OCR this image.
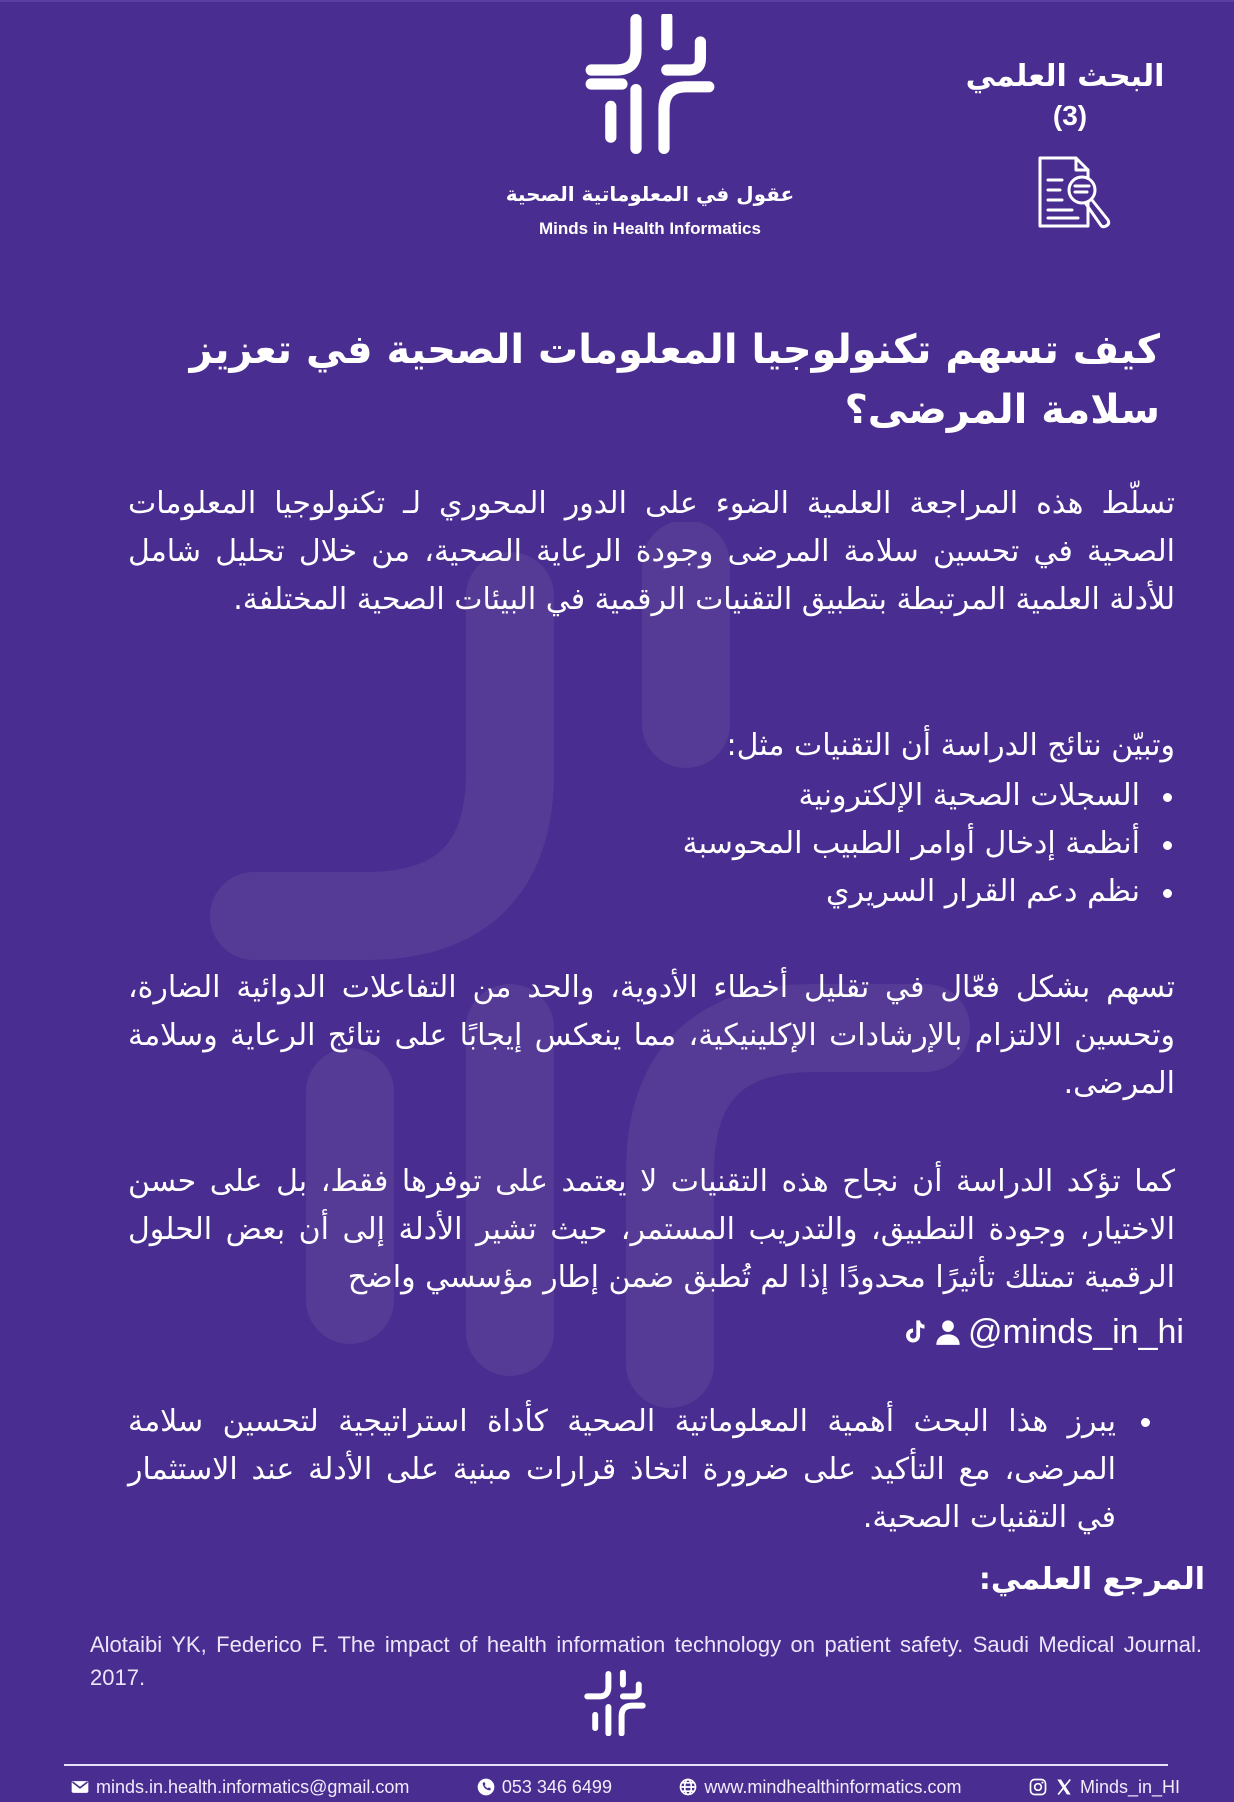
عقول في المعلوماتية الصحية
Minds in Health Informatics
البحث العلمي
(3)
كيف تسهم تكنولوجيا المعلومات الصحية في تعزيز سلامة المرضى؟
تسلّط هذه المراجعة العلمية الضوء على الدور المحوري لـ تكنولوجيا المعلومات الصحية في تحسين سلامة المرضى وجودة الرعاية الصحية، من خلال تحليل شامل للأدلة العلمية المرتبطة بتطبيق التقنيات الرقمية في البيئات الصحية المختلفة.
وتبيّن نتائج الدراسة أن التقنيات مثل:
السجلات الصحية الإلكترونية
أنظمة إدخال أوامر الطبيب المحوسبة
نظم دعم القرار السريري
تسهم بشكل فعّال في تقليل أخطاء الأدوية، والحد من التفاعلات الدوائية الضارة، وتحسين الالتزام بالإرشادات الإكلينيكية، مما ينعكس إيجابًا على نتائج الرعاية وسلامة المرضى.
كما تؤكد الدراسة أن نجاح هذه التقنيات لا يعتمد على توفرها فقط، بل على حسن الاختيار، وجودة التطبيق، والتدريب المستمر، حيث تشير الأدلة إلى أن بعض الحلول الرقمية تمتلك تأثيرًا محدودًا إذا لم تُطبق ضمن إطار مؤسسي واضح
@minds_in_hi
يبرز هذا البحث أهمية المعلوماتية الصحية كأداة استراتيجية لتحسين سلامة المرضى، مع التأكيد على ضرورة اتخاذ قرارات مبنية على الأدلة عند الاستثمار في التقنيات الصحية.
المرجع العلمي:
Alotaibi YK, Federico F. The impact of health information technology on patient safety. Saudi Medical Journal. 2017.
minds.in.health.informatics@gmail.com	053 346 6499	www.mindhealthinformatics.com	Minds_in_HI
